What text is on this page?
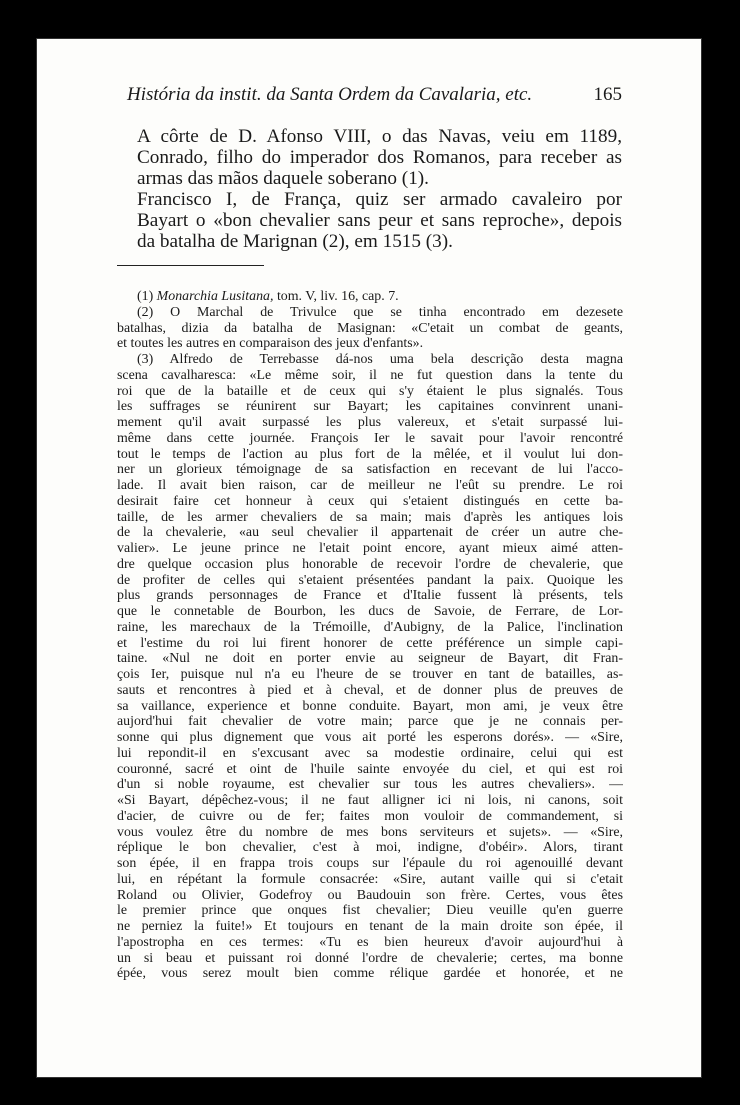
História da instit. da Santa Ordem da Cavalaria, etc.	165

A côrte de D. Afonso VIII, o das Navas, veiu em 1189,
Conrado, filho do imperador dos Romanos, para receber as
armas das mãos daquele soberano (1).

Francisco I, de França, quiz ser armado cavaleiro por
Bayart o «bon chevalier sans peur et sans reproche», depois
da batalha de Marignan (2), em 1515 (3).

(1) Monarchia Lusitana, tom. V, liv. 16, cap. 7.
(2) O Marchal de Trivulce que se tinha encontrado em dezesete
batalhas, dizia da batalha de Masignan: «C'etait un combat de geants,
et toutes les autres en comparaison des jeux d'enfants».
(3) Alfredo de Terrebasse dá-nos uma bela descrição desta magna
scena cavalharesca: «Le même soir, il ne fut question dans la tente du
roi que de la bataille et de ceux qui s'y étaient le plus signalés. Tous
les suffrages se réunirent sur Bayart; les capitaines convinrent unani-
mement qu'il avait surpassé les plus valereux, et s'etait surpassé lui-
même dans cette journée. François Ier le savait pour l'avoir rencontré
tout le temps de l'action au plus fort de la mêlée, et il voulut lui don-
ner un glorieux témoignage de sa satisfaction en recevant de lui l'acco-
lade. Il avait bien raison, car de meilleur ne l'eût su prendre. Le roi
desirait faire cet honneur à ceux qui s'etaient distingués en cette ba-
taille, de les armer chevaliers de sa main; mais d'après les antiques lois
de la chevalerie, «au seul chevalier il appartenait de créer un autre che-
valier». Le jeune prince ne l'etait point encore, ayant mieux aimé atten-
dre quelque occasion plus honorable de recevoir l'ordre de chevalerie, que
de profiter de celles qui s'etaient présentées pandant la paix. Quoique les
plus grands personnages de France et d'Italie fussent là présents, tels
que le connetable de Bourbon, les ducs de Savoie, de Ferrare, de Lor-
raine, les marechaux de la Trémoille, d'Aubigny, de la Palice, l'inclination
et l'estime du roi lui firent honorer de cette préférence un simple capi-
taine. «Nul ne doit en porter envie au seigneur de Bayart, dit Fran-
çois Ier, puisque nul n'a eu l'heure de se trouver en tant de batailles, as-
sauts et rencontres à pied et à cheval, et de donner plus de preuves de
sa vaillance, experience et bonne conduite. Bayart, mon ami, je veux être
aujord'hui fait chevalier de votre main; parce que je ne connais per-
sonne qui plus dignement que vous ait porté les esperons dorés». — «Sire,
lui repondit-il en s'excusant avec sa modestie ordinaire, celui qui est
couronné, sacré et oint de l'huile sainte envoyée du ciel, et qui est roi
d'un si noble royaume, est chevalier sur tous les autres chevaliers». —
«Si Bayart, dépêchez-vous; il ne faut alligner ici ni lois, ni canons, soit
d'acier, de cuivre ou de fer; faites mon vouloir de commandement, si
vous voulez être du nombre de mes bons serviteurs et sujets». — «Sire,
réplique le bon chevalier, c'est à moi, indigne, d'obéir». Alors, tirant
son épée, il en frappa trois coups sur l'épaule du roi agenouillé devant
lui, en répétant la formule consacrée: «Sire, autant vaille qui si c'etait
Roland ou Olivier, Godefroy ou Baudouin son frère. Certes, vous êtes
le premier prince que onques fist chevalier; Dieu veuille qu'en guerre
ne perniez la fuite!» Et toujours en tenant de la main droite son épée, il
l'apostropha en ces termes: «Tu es bien heureux d'avoir aujourd'hui à
un si beau et puissant roi donné l'ordre de chevalerie; certes, ma bonne
épée, vous serez moult bien comme rélique gardée et honorée, et ne
